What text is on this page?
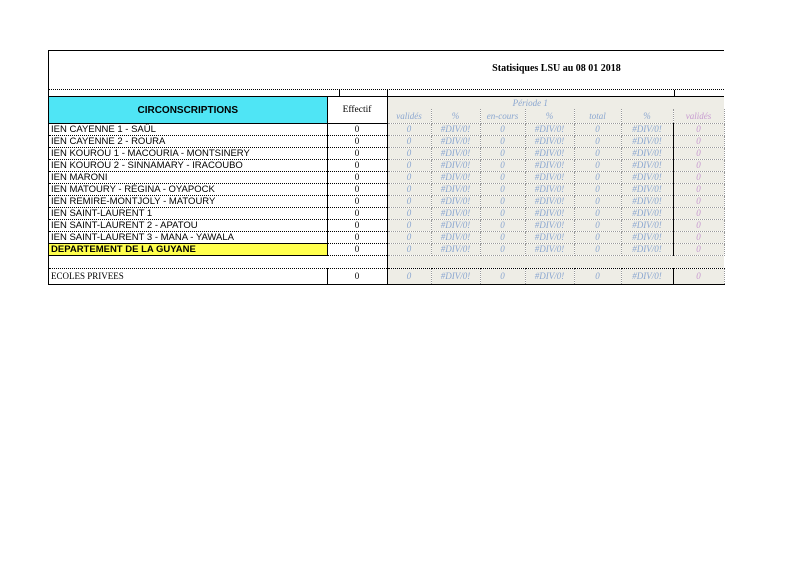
Statisiques LSU au 08 01 2018
CIRCONSCRIPTIONS	Effectif	Période 1						
		validés	%	en-cours	%	total	%	validés
IEN CAYENNE 1 - SAÜL	0	0	#DIV/0!	0	#DIV/0!	0	#DIV/0!	0
IEN CAYENNE 2 - ROURA	0	0	#DIV/0!	0	#DIV/0!	0	#DIV/0!	0
IEN KOUROU 1 - MACOURIA - MONTSINERY	0	0	#DIV/0!	0	#DIV/0!	0	#DIV/0!	0
IEN KOUROU 2 - SINNAMARY - IRACOUBO	0	0	#DIV/0!	0	#DIV/0!	0	#DIV/0!	0
IEN MARONI	0	0	#DIV/0!	0	#DIV/0!	0	#DIV/0!	0
IEN MATOURY - RÉGINA - OYAPOCK	0	0	#DIV/0!	0	#DIV/0!	0	#DIV/0!	0
IEN REMIRE-MONTJOLY - MATOURY	0	0	#DIV/0!	0	#DIV/0!	0	#DIV/0!	0
IEN SAINT-LAURENT 1	0	0	#DIV/0!	0	#DIV/0!	0	#DIV/0!	0
IEN SAINT-LAURENT 2 - APATOU	0	0	#DIV/0!	0	#DIV/0!	0	#DIV/0!	0
IEN SAINT-LAURENT 3 - MANA - YAWALA	0	0	#DIV/0!	0	#DIV/0!	0	#DIV/0!	0
DEPARTEMENT DE LA GUYANE	0	0	#DIV/0!	0	#DIV/0!	0	#DIV/0!	0

ECOLES PRIVEES	0	0	#DIV/0!	0	#DIV/0!	0	#DIV/0!	0
